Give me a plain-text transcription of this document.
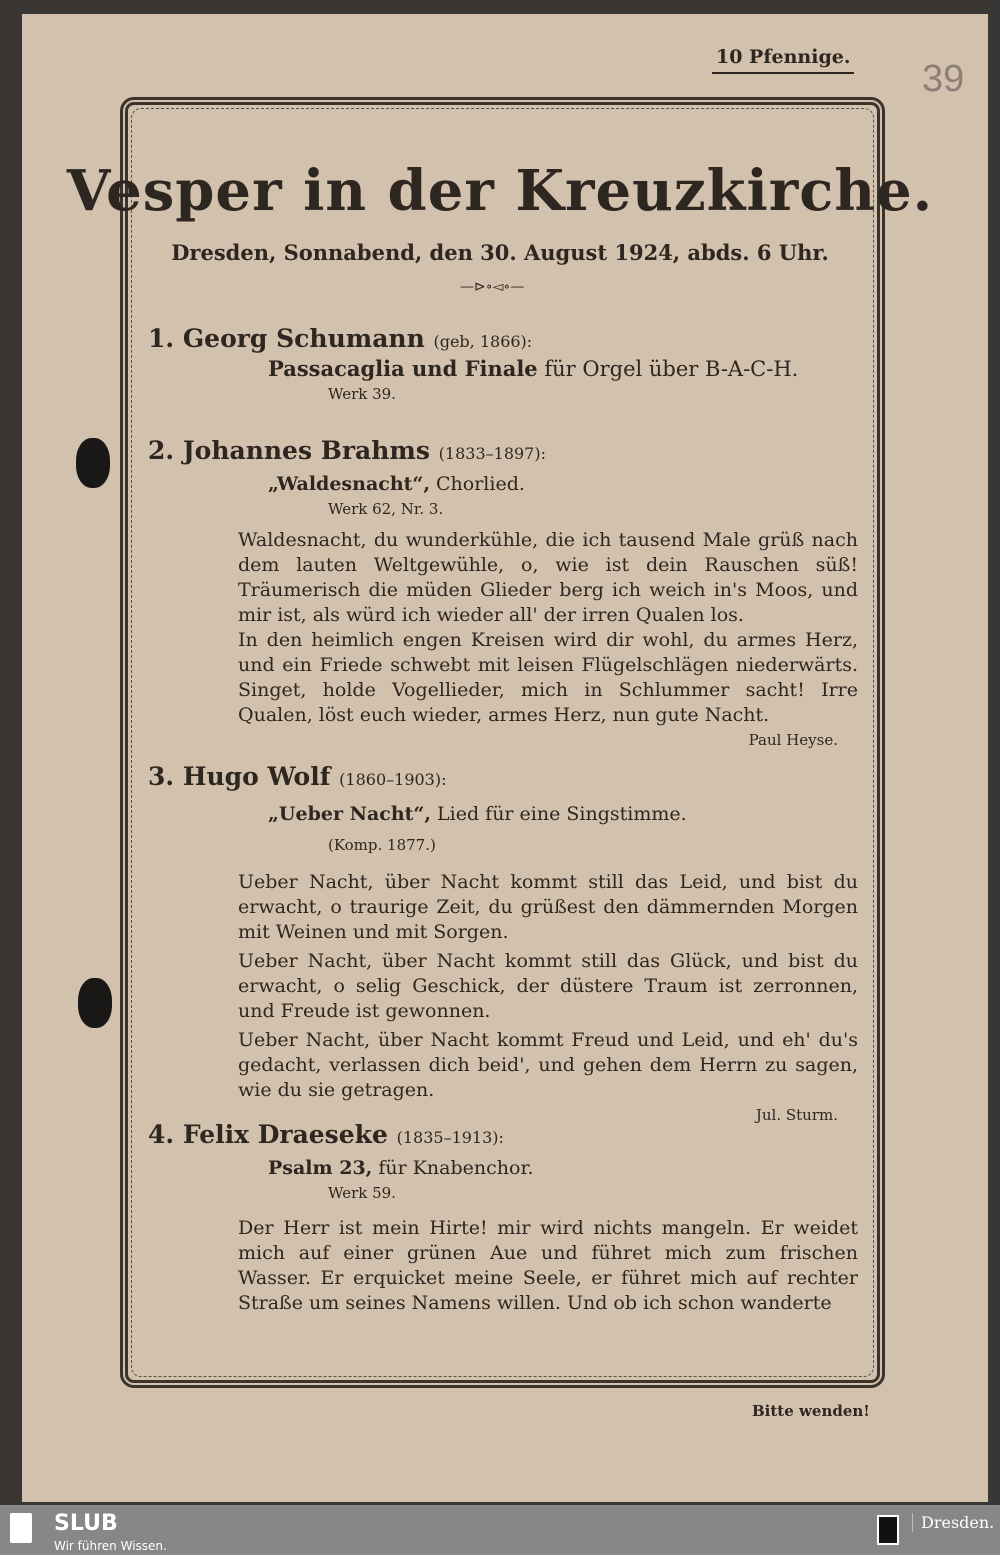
10 Pfennige.
39
Vesper in der Kreuzkirche.
Dresden, Sonnabend, den 30. August 1924, abds. 6 Uhr.
—⊳∘◅∘—
1. Georg Schumann (geb, 1866):
Passacaglia und Finale für Orgel über B-A-C-H.
Werk 39.
2. Johannes Brahms (1833–1897):
„Waldesnacht“, Chorlied.
Werk 62, Nr. 3.
Waldesnacht, du wunderkühle, die ich tausend Male grüß nach dem lauten Weltgewühle, o, wie ist dein Rauschen süß! Träumerisch die müden Glieder berg ich weich in's Moos, und mir ist, als würd ich wieder all' der irren Qualen los.
In den heimlich engen Kreisen wird dir wohl, du armes Herz, und ein Friede schwebt mit leisen Flügelschlägen niederwärts. Singet, holde Vogellieder, mich in Schlummer sacht! Irre Qualen, löst euch wieder, armes Herz, nun gute Nacht.
Paul Heyse.
3. Hugo Wolf (1860–1903):
„Ueber Nacht“, Lied für eine Singstimme.
(Komp. 1877.)
Ueber Nacht, über Nacht kommt still das Leid, und bist du erwacht, o traurige Zeit, du grüßest den dämmernden Morgen mit Weinen und mit Sorgen.
Ueber Nacht, über Nacht kommt still das Glück, und bist du erwacht, o selig Geschick, der düstere Traum ist zerronnen, und Freude ist gewonnen.
Ueber Nacht, über Nacht kommt Freud und Leid, und eh' du's gedacht, verlassen dich beid', und gehen dem Herrn zu sagen, wie du sie getragen.
Jul. Sturm.
4. Felix Draeseke (1835–1913):
Psalm 23, für Knabenchor.
Werk 59.
Der Herr ist mein Hirte! mir wird nichts mangeln. Er weidet mich auf einer grünen Aue und führet mich zum frischen Wasser. Er erquicket meine Seele, er führet mich auf rechter Straße um seines Namens willen. Und ob ich schon wanderte
Bitte wenden!
SLUB
Wir führen Wissen.
Dresden.
